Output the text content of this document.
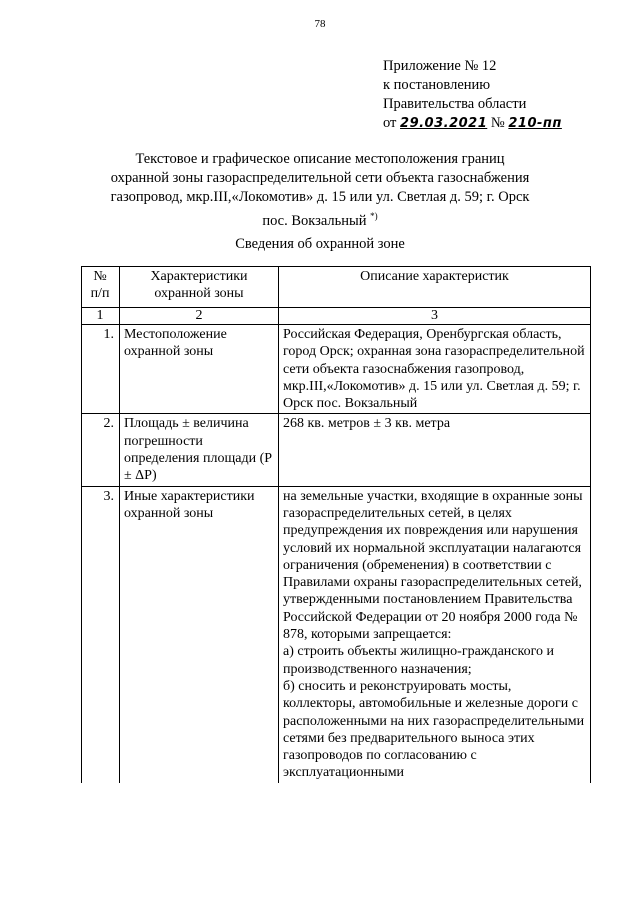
78
Приложение № 12
к постановлению
Правительства области
от 29.03.2021 № 210-пп
Текстовое и графическое описание местоположения границ
охранной зоны газораспределительной сети объекта газоснабжения
газопровод, мкр.III,«Локомотив» д. 15 или ул. Светлая д. 59; г. Орск
пос. Вокзальный *)
Сведения об охранной зоне
№ п/п	Характеристики охранной зоны	Описание характеристик
1	2	3
1.	Местоположение охранной зоны	Российская Федерация, Оренбургская область, город Орск; охранная зона газораспределительной сети объекта газоснабжения газопровод, мкр.III,«Локомотив» д. 15 или ул. Светлая д. 59; г. Орск пос. Вокзальный
2.	Площадь ± величина погрешности определения площади (P ± ΔP)	268 кв. метров ± 3 кв. метра
3.	Иные характеристики охранной зоны	на земельные участки, входящие в охранные зоны газораспределительных сетей, в целях предупреждения их повреждения или нарушения условий их нормальной эксплуатации налагаются ограничения (обременения) в соответствии с Правилами охраны газораспределительных сетей, утвержденными постановлением Правительства Российской Федерации от 20 ноября 2000 года № 878, которыми запрещается:
а) строить объекты жилищно-гражданского и производственного назначения;
б) сносить и реконструировать мосты, коллекторы, автомобильные и железные дороги с расположенными на них газораспределительными сетями без предварительного выноса этих газопроводов по согласованию с эксплуатационными
